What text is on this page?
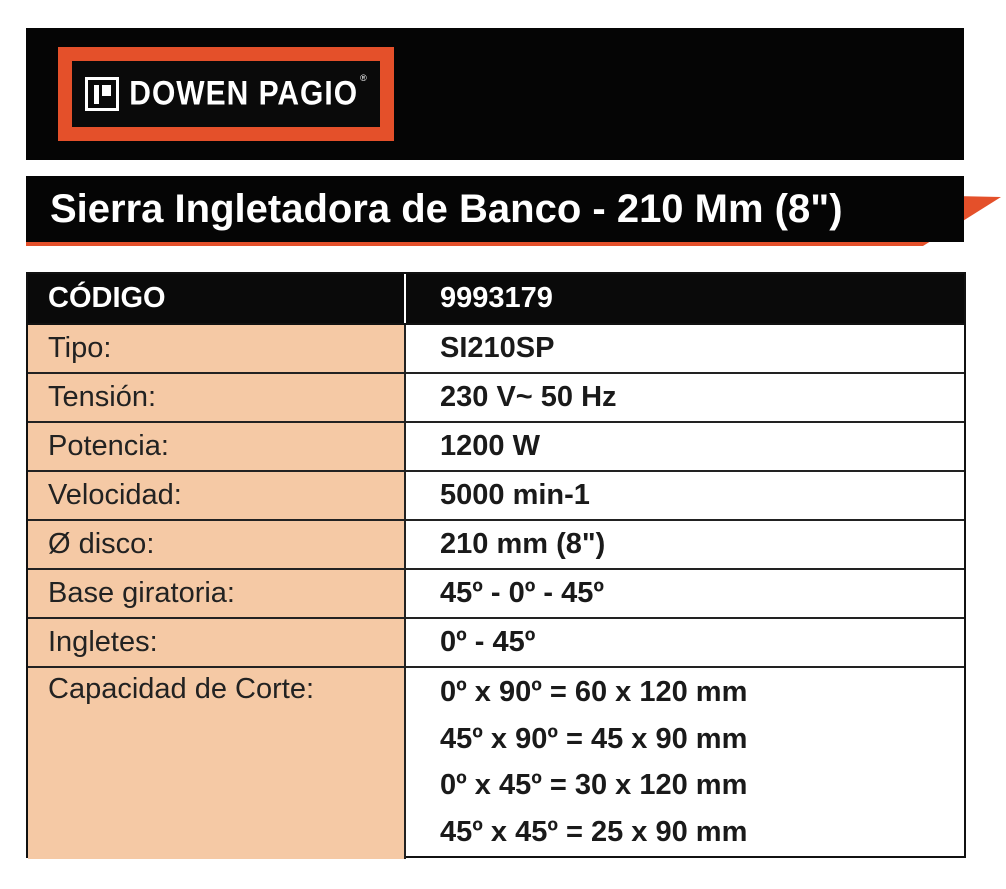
DOWEN PAGIO ®
Sierra Ingletadora de Banco - 210 Mm (8")
CÓDIGO	9993179
Tipo:	SI210SP
Tensión:	230 V~ 50 Hz
Potencia:	1200 W
Velocidad:	5000 min-1
Ø disco:	210 mm (8")
Base giratoria:	45º - 0º - 45º
Ingletes:	0º - 45º
Capacidad de Corte:	0º x 90º = 60 x 120 mm
45º x 90º = 45 x 90 mm
0º x 45º = 30 x 120 mm
45º x 45º = 25 x 90 mm
